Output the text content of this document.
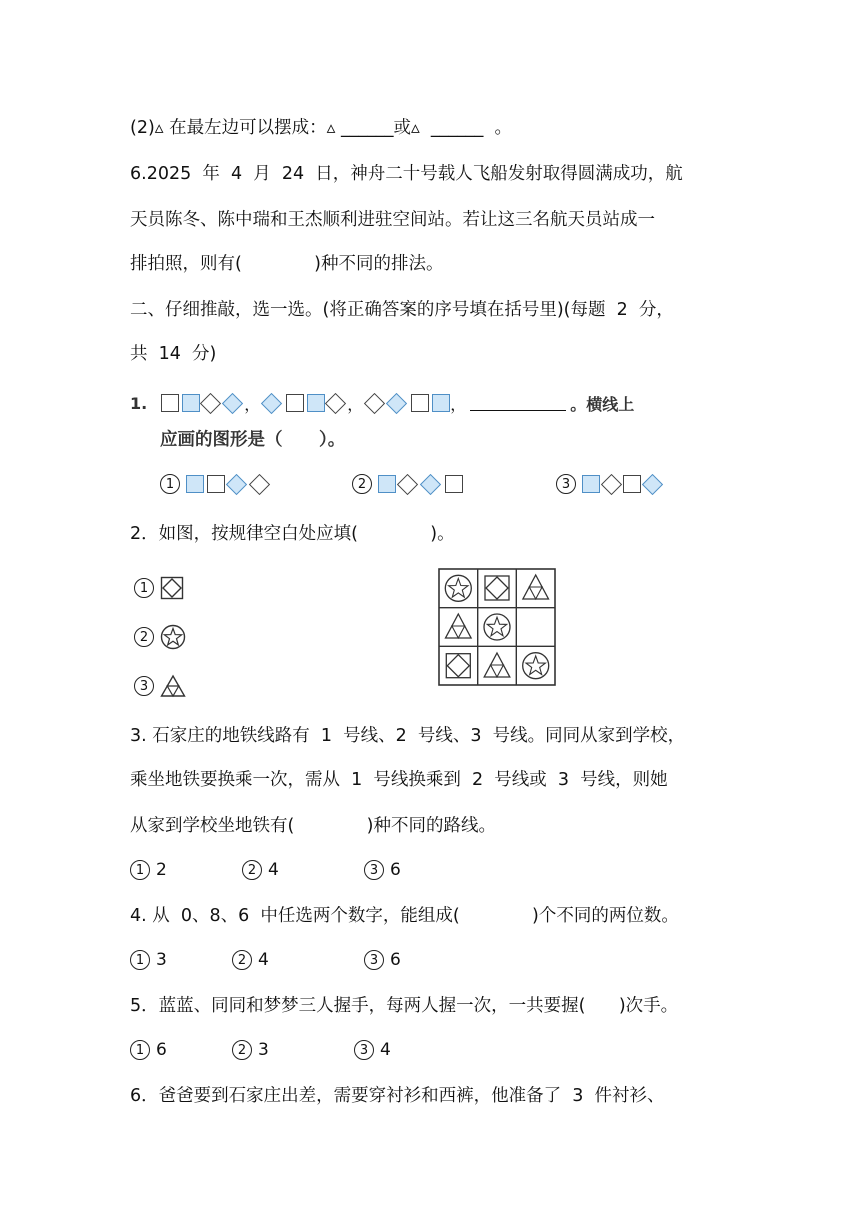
(2)▵ 在最左边可以摆成：▵ ______或▵  ______  。
6.2025  年  4  月  24  日，神舟二十号载人飞船发射取得圆满成功，航
天员陈冬、陈中瑞和王杰顺利进驻空间站。若让这三名航天员站成一
排拍照，则有(             )种不同的排法。
二、仔细推敲，选一选。(将正确答案的序号填在括号里)(每题  2  分，
共  14  分)
1.	，	，	，	。横线上
应画的图形是（      ）。
1	2	3
2．如图，按规律空白处应填(             )。
1
2
3
3. 石家庄的地铁线路有  1  号线、2  号线、3  号线。同同从家到学校，
乘坐地铁要换乘一次，需从  1  号线换乘到  2  号线或  3  号线，则她
从家到学校坐地铁有(             )种不同的路线。
1 2	2 4	3 6
4. 从  0、8、6  中任选两个数字，能组成(             )个不同的两位数。
1 3	2 4	3 6
5．蓝蓝、同同和梦梦三人握手，每两人握一次，一共要握(      )次手。
1 6	2 3	3 4
6．爸爸要到石家庄出差，需要穿衬衫和西裤，他准备了  3  件衬衫、
